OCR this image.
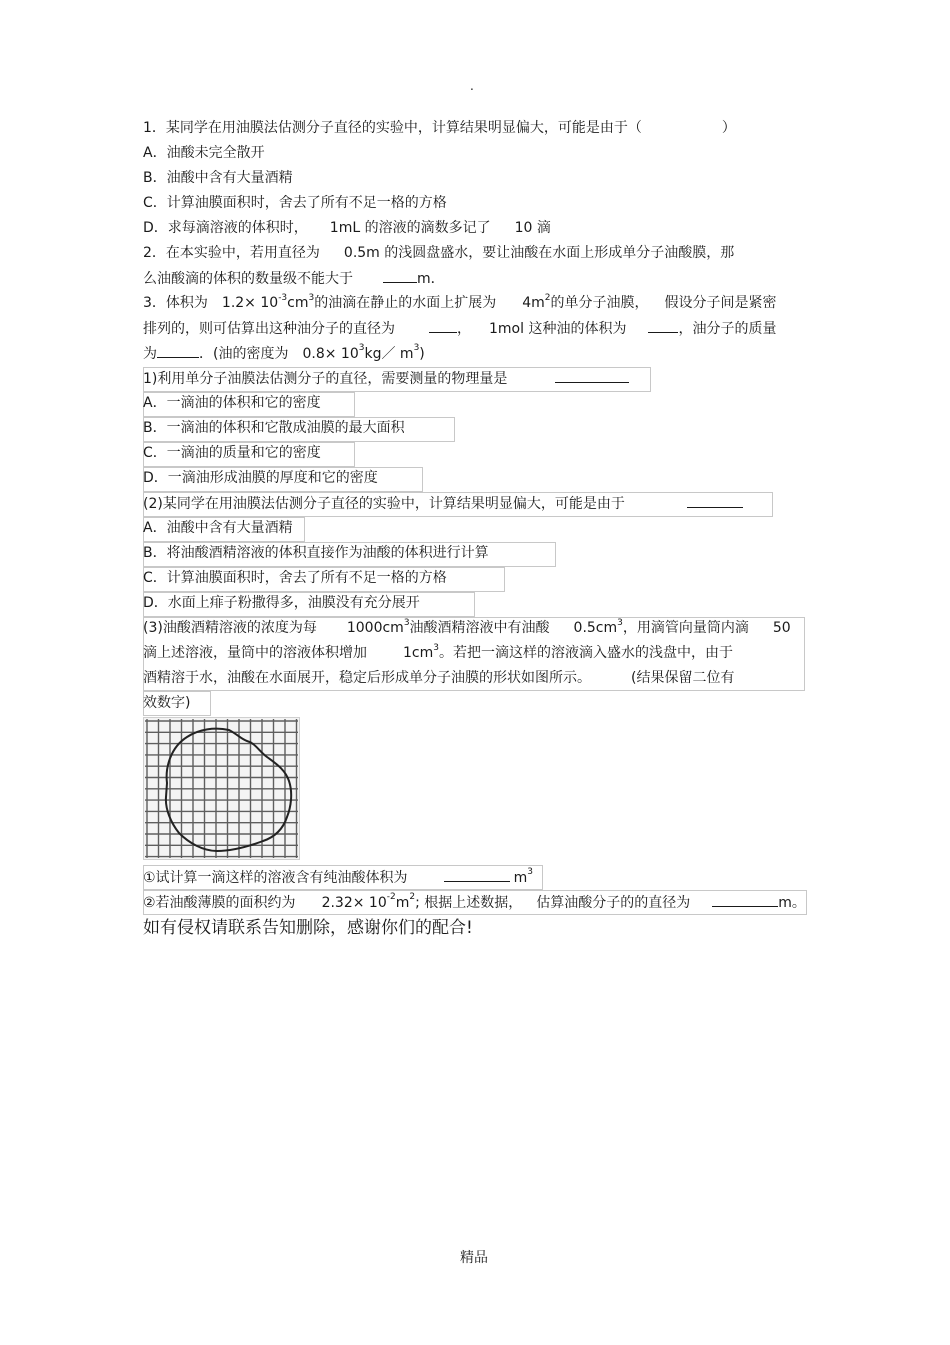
.
1．某同学在用油膜法估测分子直径的实验中，计算结果明显偏大，可能是由于（	）
A．油酸未完全散开
B．油酸中含有大量酒精
C．计算油膜面积时，舍去了所有不足一格的方格
D．求每滴溶液的体积时， 1mL 的溶液的滴数多记了 10 滴
2．在本实验中，若用直径为 0.5m 的浅圆盘盛水，要让油酸在水面上形成单分子油酸膜，那
么油酸滴的体积的数量级不能大于	m．
3．体积为 $1.2\times 10^{-3}cm^3$的油滴在静止的水面上扩展为 $4m^2$的单分子油膜， 假设分子间是紧密
排列的，则可估算出这种油分子的直径为	， 1mol 这种油的体积为	，油分子的质量
为	．(油的密度为 $0.8\times 10^3kg/$ $m^3$)
1)利用单分子油膜法估测分子的直径，需要测量的物理量是
A．一滴油的体积和它的密度
B．一滴油的体积和它散成油膜的最大面积
C．一滴油的质量和它的密度
D．一滴油形成油膜的厚度和它的密度
(2)某同学在用油膜法估测分子直径的实验中，计算结果明显偏大，可能是由于
A．油酸中含有大量酒精
B．将油酸酒精溶液的体积直接作为油酸的体积进行计算
C．计算油膜面积时，舍去了所有不足一格的方格
D．水面上痱子粉撒得多，油膜没有充分展开
(3)油酸酒精溶液的浓度为每 $1000cm^3$油酸酒精溶液中有油酸 $0.5cm^3$，用滴管向量筒内滴 50
滴上述溶液，量筒中的溶液体积增加	$1cm^3$。若把一滴这样的溶液滴入盛水的浅盘中，由于
酒精溶于水，油酸在水面展开，稳定后形成单分子油膜的形状如图所示。	(结果保留二位有
效数字)
①试计算一滴这样的溶液含有纯油酸体积为	$m^3$
②若油酸薄膜的面积约为 $2.32\times 10^{-2}m^2$; 根据上述数据， 估算油酸分子的的直径为	m。
如有侵权请联系告知删除，感谢你们的配合!
精品
